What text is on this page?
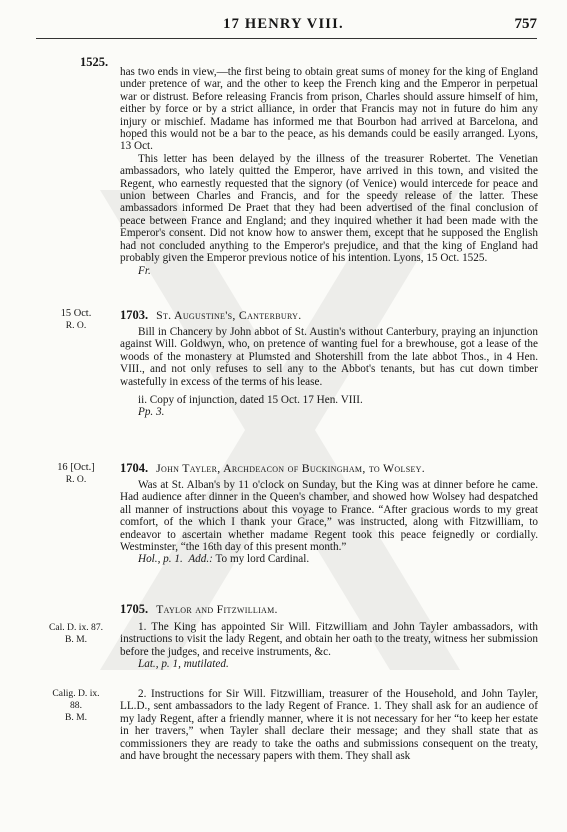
17 HENRY VIII.	757
1525.

has two ends in view,—the first being to obtain great sums of money for the king of England under pretence of war, and the other to keep the French king and the Emperor in perpetual war or distrust. Before releasing Francis from prison, Charles should assure himself of him, either by force or by a strict alliance, in order that Francis may not in future do him any injury or mischief. Madame has informed me that Bourbon had arrived at Barcelona, and hoped this would not be a bar to the peace, as his demands could be easily arranged. Lyons, 13 Oct.

This letter has been delayed by the illness of the treasurer Robertet. The Venetian ambassadors, who lately quitted the Emperor, have arrived in this town, and visited the Regent, who earnestly requested that the signory (of Venice) would intercede for peace and union between Charles and Francis, and for the speedy release of the latter. These ambassadors informed De Praet that they had been advertised of the final conclusion of peace between France and England; and they inquired whether it had been made with the Emperor's consent. Did not know how to answer them, except that he supposed the English had not concluded anything to the Emperor's prejudice, and that the king of England had probably given the Emperor previous notice of his intention. Lyons, 15 Oct. 1525.

Fr.

15 Oct.
R. O.
1703. St. Augustine's, Canterbury.

Bill in Chancery by John abbot of St. Austin's without Canterbury, praying an injunction against Will. Goldwyn, who, on pretence of wanting fuel for a brewhouse, got a lease of the woods of the monastery at Plumsted and Shotershill from the late abbot Thos., in 4 Hen. VIII., and not only refuses to sell any to the Abbot's tenants, but has cut down timber wastefully in excess of the terms of his lease.

ii. Copy of injunction, dated 15 Oct. 17 Hen. VIII.

Pp. 3.

16 [Oct.]
R. O.
1704. John Tayler, Archdeacon of Buckingham, to Wolsey.

Was at St. Alban's by 11 o'clock on Sunday, but the King was at dinner before he came. Had audience after dinner in the Queen's chamber, and showed how Wolsey had despatched all manner of instructions about this voyage to France. “After gracious words to my great comfort, of the which I thank your Grace,” was instructed, along with Fitzwilliam, to endeavor to ascertain whether madame Regent took this peace feignedly or cordially. Westminster, “the 16th day of this present month.”

Hol., p. 1. Add.: To my lord Cardinal.

1705. Taylor and Fitzwilliam.
Cal. D. ix. 87.
B. M.

1. The King has appointed Sir Will. Fitzwilliam and John Tayler ambassadors, with instructions to visit the lady Regent, and obtain her oath to the treaty, witness her submission before the judges, and receive instruments, &c.

Lat., p. 1, mutilated.

Calig. D. ix.
88.
B. M.

2. Instructions for Sir Will. Fitzwilliam, treasurer of the Household, and John Tayler, LL.D., sent ambassadors to the lady Regent of France. 1. They shall ask for an audience of my lady Regent, after a friendly manner, where it is not necessary for her “to keep her estate in her travers,” when Tayler shall declare their message; and they shall state that as commissioners they are ready to take the oaths and submissions consequent on the treaty, and have brought the necessary papers with them. They shall ask
